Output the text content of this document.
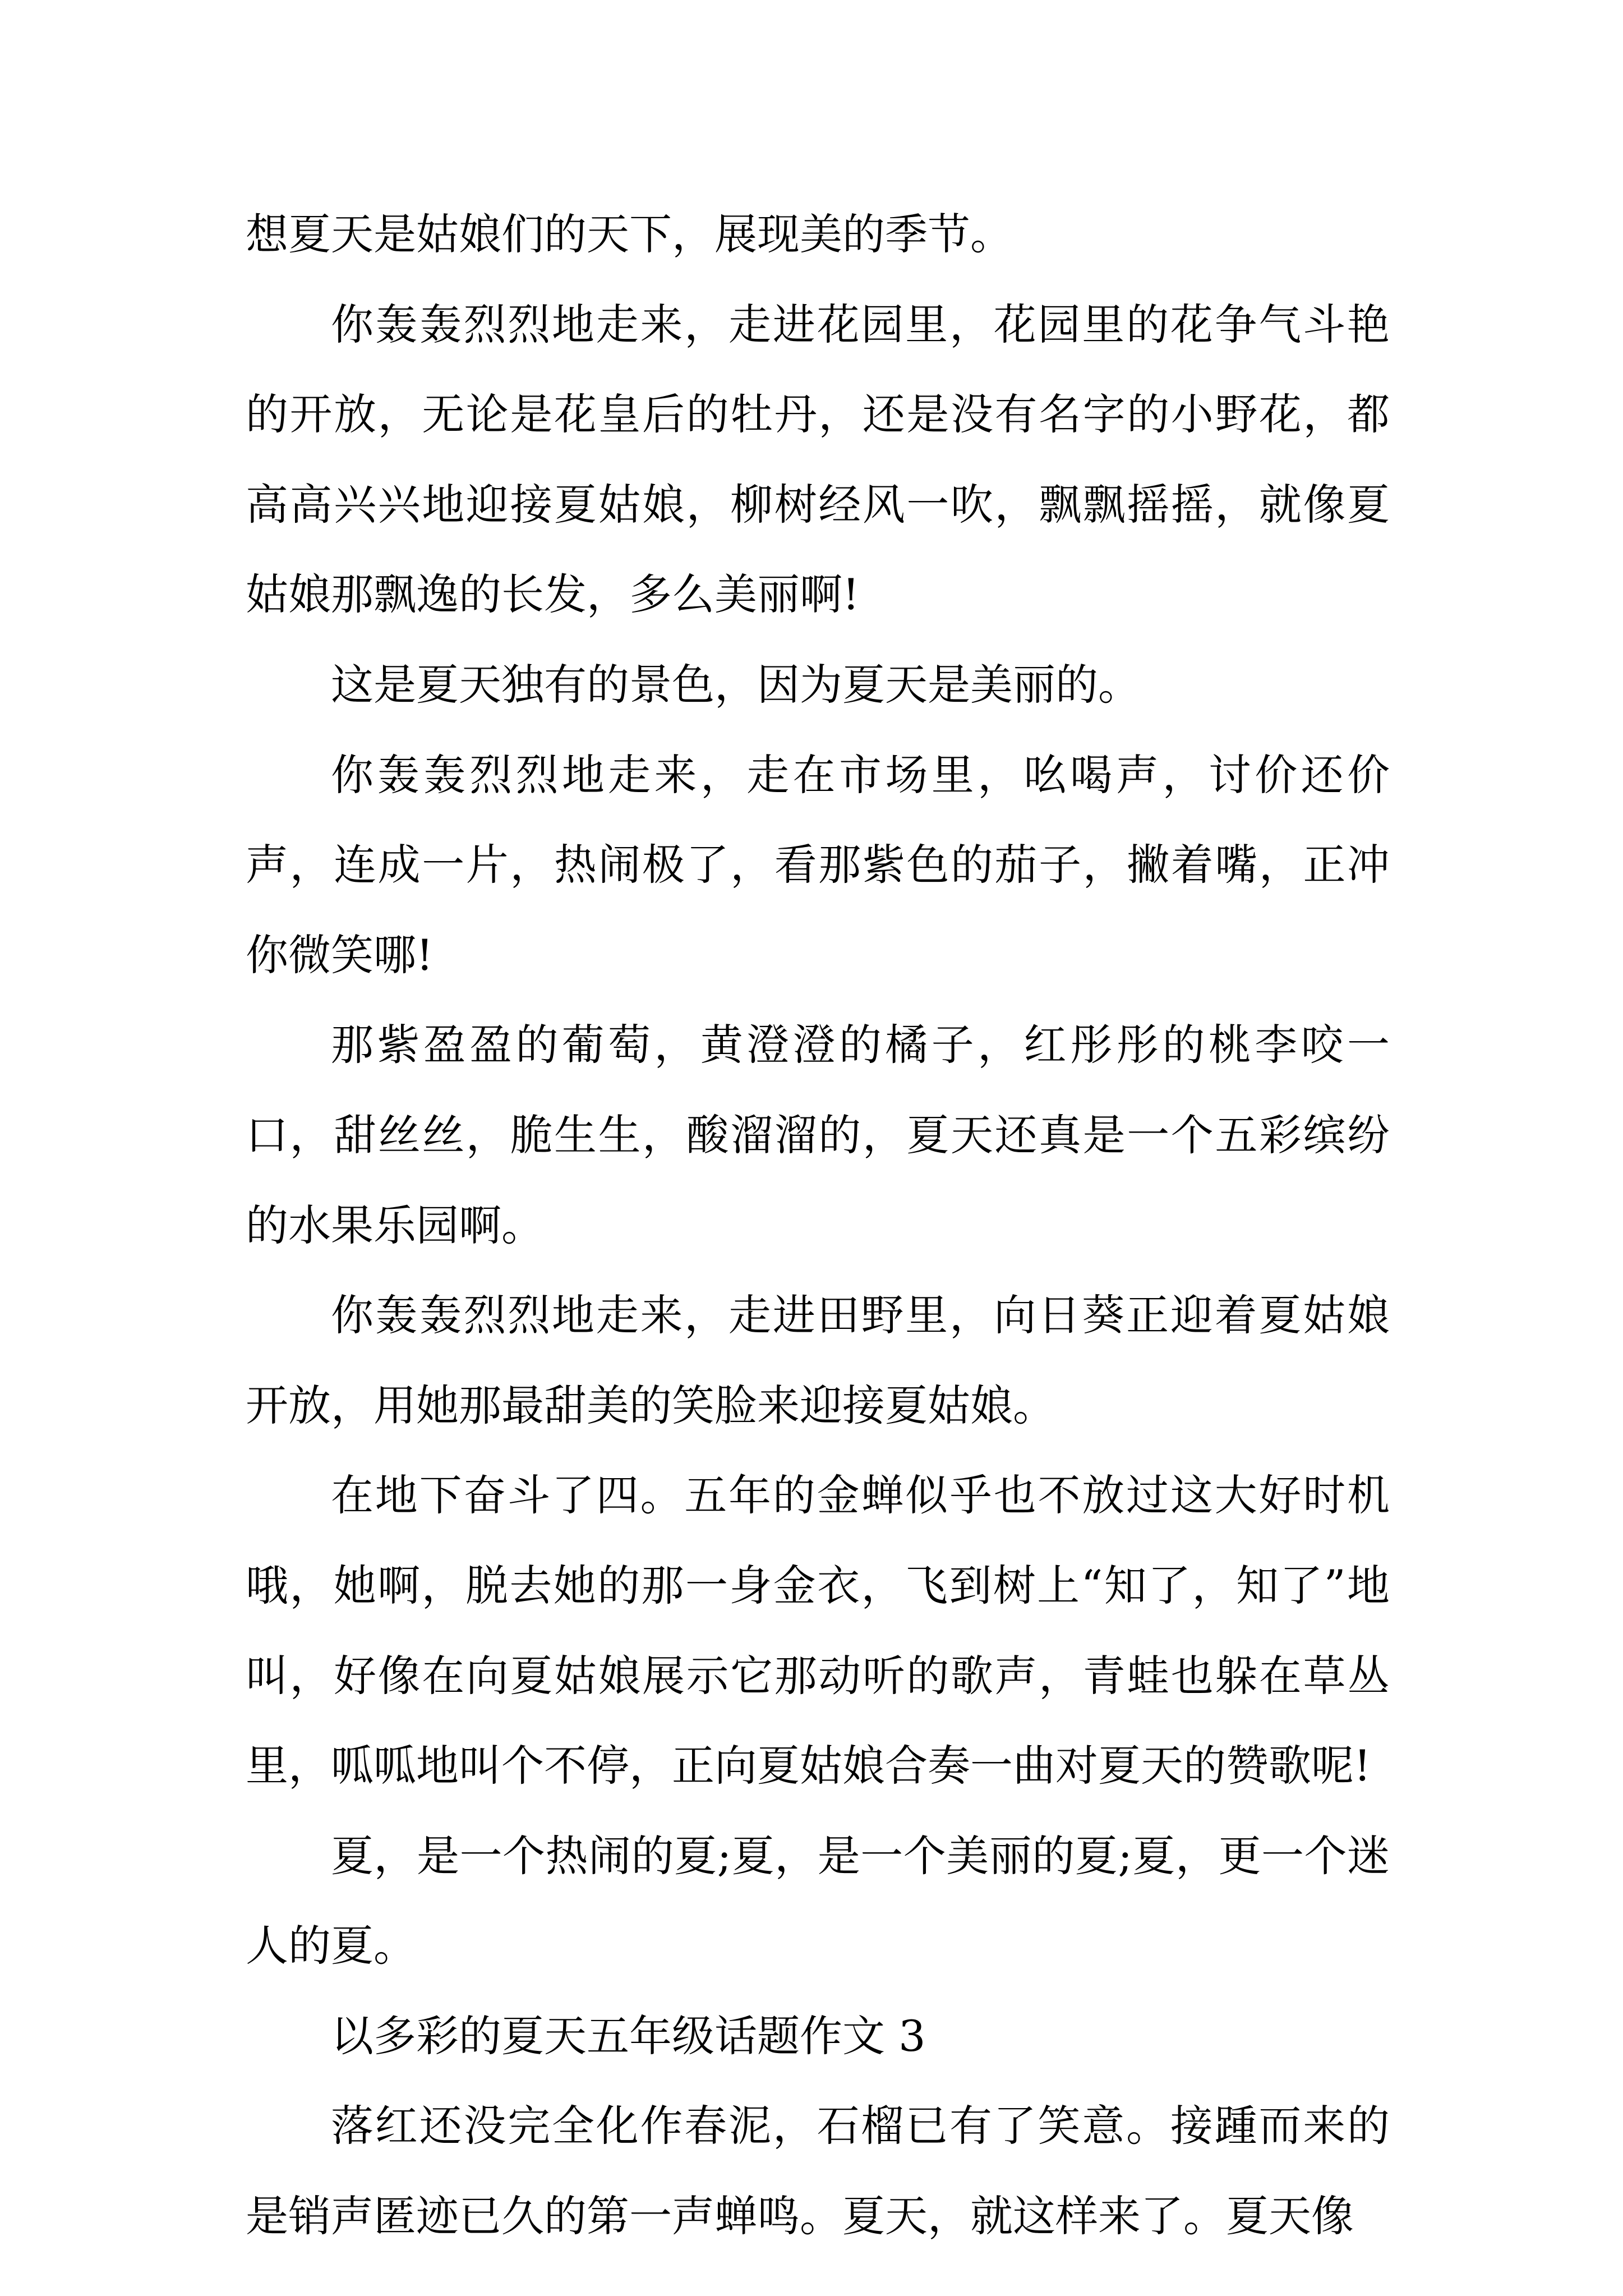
想夏天是姑娘们的天下，展现美的季节。

你轰轰烈烈地走来，走进花园里，花园里的花争气斗艳的开放，无论是花皇后的牡丹，还是没有名字的小野花，都高高兴兴地迎接夏姑娘，柳树经风一吹，飘飘摇摇，就像夏姑娘那飘逸的长发，多么美丽啊!

这是夏天独有的景色，因为夏天是美丽的。

你轰轰烈烈地走来，走在市场里，吆喝声，讨价还价声，连成一片，热闹极了，看那紫色的茄子，撇着嘴，正冲你微笑哪!

那紫盈盈的葡萄，黄澄澄的橘子，红彤彤的桃李咬一口，甜丝丝，脆生生，酸溜溜的，夏天还真是一个五彩缤纷的水果乐园啊。

你轰轰烈烈地走来，走进田野里，向日葵正迎着夏姑娘开放，用她那最甜美的笑脸来迎接夏姑娘。

在地下奋斗了四。五年的金蝉似乎也不放过这大好时机哦，她啊，脱去她的那一身金衣，飞到树上“知了，知了”地叫，好像在向夏姑娘展示它那动听的歌声，青蛙也躲在草丛里，呱呱地叫个不停，正向夏姑娘合奏一曲对夏天的赞歌呢!

夏，是一个热闹的夏;夏，是一个美丽的夏;夏，更一个迷人的夏。

以多彩的夏天五年级话题作文 3

落红还没完全化作春泥，石榴已有了笑意。接踵而来的是销声匿迹已久的第一声蝉鸣。夏天，就这样来了。夏天像
